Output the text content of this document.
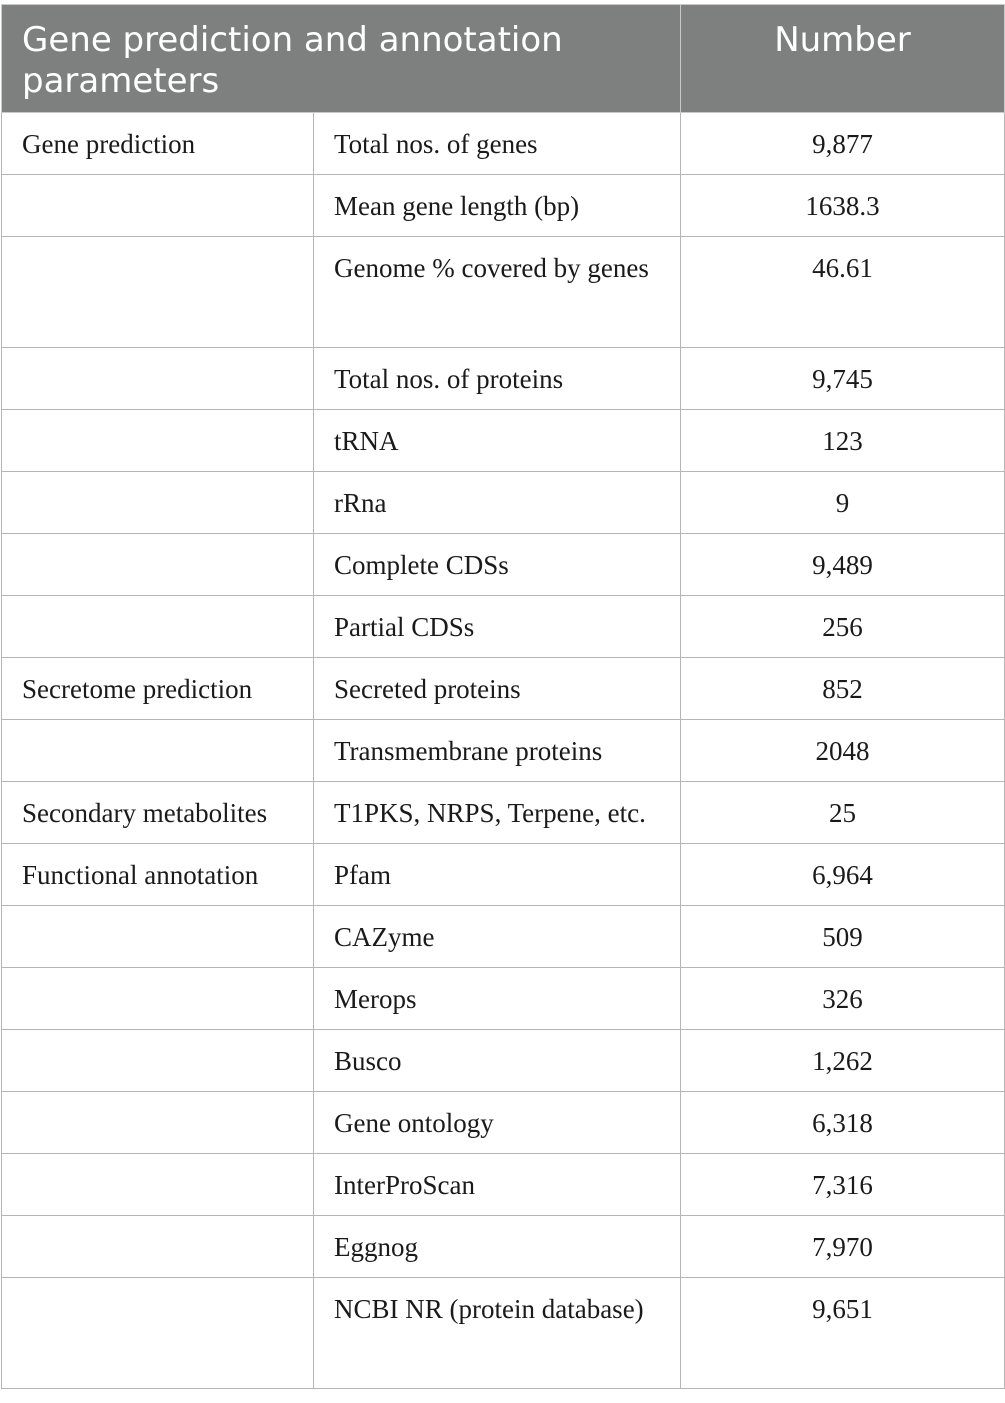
Gene prediction and annotation parameters		Number
Gene prediction	Total nos. of genes	9,877
	Mean gene length (bp)	1638.3
	Genome % covered by genes	46.61
	Total nos. of proteins	9,745
	tRNA	123
	rRna	9
	Complete CDSs	9,489
	Partial CDSs	256
Secretome prediction	Secreted proteins	852
	Transmembrane proteins	2048
Secondary metabolites	T1PKS, NRPS, Terpene, etc.	25
Functional annotation	Pfam	6,964
	CAZyme	509
	Merops	326
	Busco	1,262
	Gene ontology	6,318
	InterProScan	7,316
	Eggnog	7,970
	NCBI NR (protein database)	9,651
